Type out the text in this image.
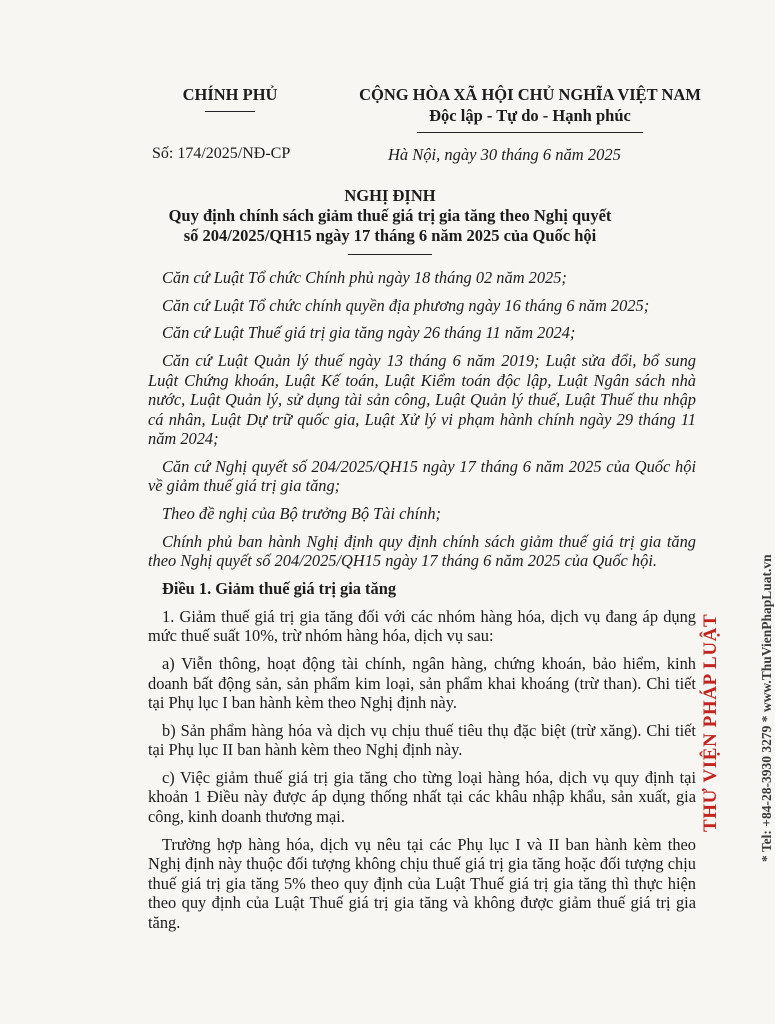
CHÍNH PHỦ	CỘNG HÒA XÃ HỘI CHỦ NGHĨA VIỆT NAM
Độc lập - Tự do - Hạnh phúc
Số: 174/2025/NĐ-CP	Hà Nội, ngày 30 tháng 6 năm 2025
NGHỊ ĐỊNH
Quy định chính sách giảm thuế giá trị gia tăng theo Nghị quyết
số 204/2025/QH15 ngày 17 tháng 6 năm 2025 của Quốc hội

Căn cứ Luật Tổ chức Chính phủ ngày 18 tháng 02 năm 2025;

Căn cứ Luật Tổ chức chính quyền địa phương ngày 16 tháng 6 năm 2025;

Căn cứ Luật Thuế giá trị gia tăng ngày 26 tháng 11 năm 2024;

Căn cứ Luật Quản lý thuế ngày 13 tháng 6 năm 2019; Luật sửa đổi, bổ sung Luật Chứng khoán, Luật Kế toán, Luật Kiểm toán độc lập, Luật Ngân sách nhà nước, Luật Quản lý, sử dụng tài sản công, Luật Quản lý thuế, Luật Thuế thu nhập cá nhân, Luật Dự trữ quốc gia, Luật Xử lý vi phạm hành chính ngày 29 tháng 11 năm 2024;

Căn cứ Nghị quyết số 204/2025/QH15 ngày 17 tháng 6 năm 2025 của Quốc hội về giảm thuế giá trị gia tăng;

Theo đề nghị của Bộ trưởng Bộ Tài chính;

Chính phủ ban hành Nghị định quy định chính sách giảm thuế giá trị gia tăng theo Nghị quyết số 204/2025/QH15 ngày 17 tháng 6 năm 2025 của Quốc hội.

Điều 1. Giảm thuế giá trị gia tăng

1. Giảm thuế giá trị gia tăng đối với các nhóm hàng hóa, dịch vụ đang áp dụng mức thuế suất 10%, trừ nhóm hàng hóa, dịch vụ sau:

a) Viễn thông, hoạt động tài chính, ngân hàng, chứng khoán, bảo hiểm, kinh doanh bất động sản, sản phẩm kim loại, sản phẩm khai khoáng (trừ than). Chi tiết tại Phụ lục I ban hành kèm theo Nghị định này.

b) Sản phẩm hàng hóa và dịch vụ chịu thuế tiêu thụ đặc biệt (trừ xăng). Chi tiết tại Phụ lục II ban hành kèm theo Nghị định này.

c) Việc giảm thuế giá trị gia tăng cho từng loại hàng hóa, dịch vụ quy định tại khoản 1 Điều này được áp dụng thống nhất tại các khâu nhập khẩu, sản xuất, gia công, kinh doanh thương mại.

Trường hợp hàng hóa, dịch vụ nêu tại các Phụ lục I và II ban hành kèm theo Nghị định này thuộc đối tượng không chịu thuế giá trị gia tăng hoặc đối tượng chịu thuế giá trị gia tăng 5% theo quy định của Luật Thuế giá trị gia tăng thì thực hiện theo quy định của Luật Thuế giá trị gia tăng và không được giảm thuế giá trị gia tăng.

THƯ VIỆN PHÁP LUẬT	* Tel: +84-28-3930 3279 * www.ThuVienPhapLuat.vn
